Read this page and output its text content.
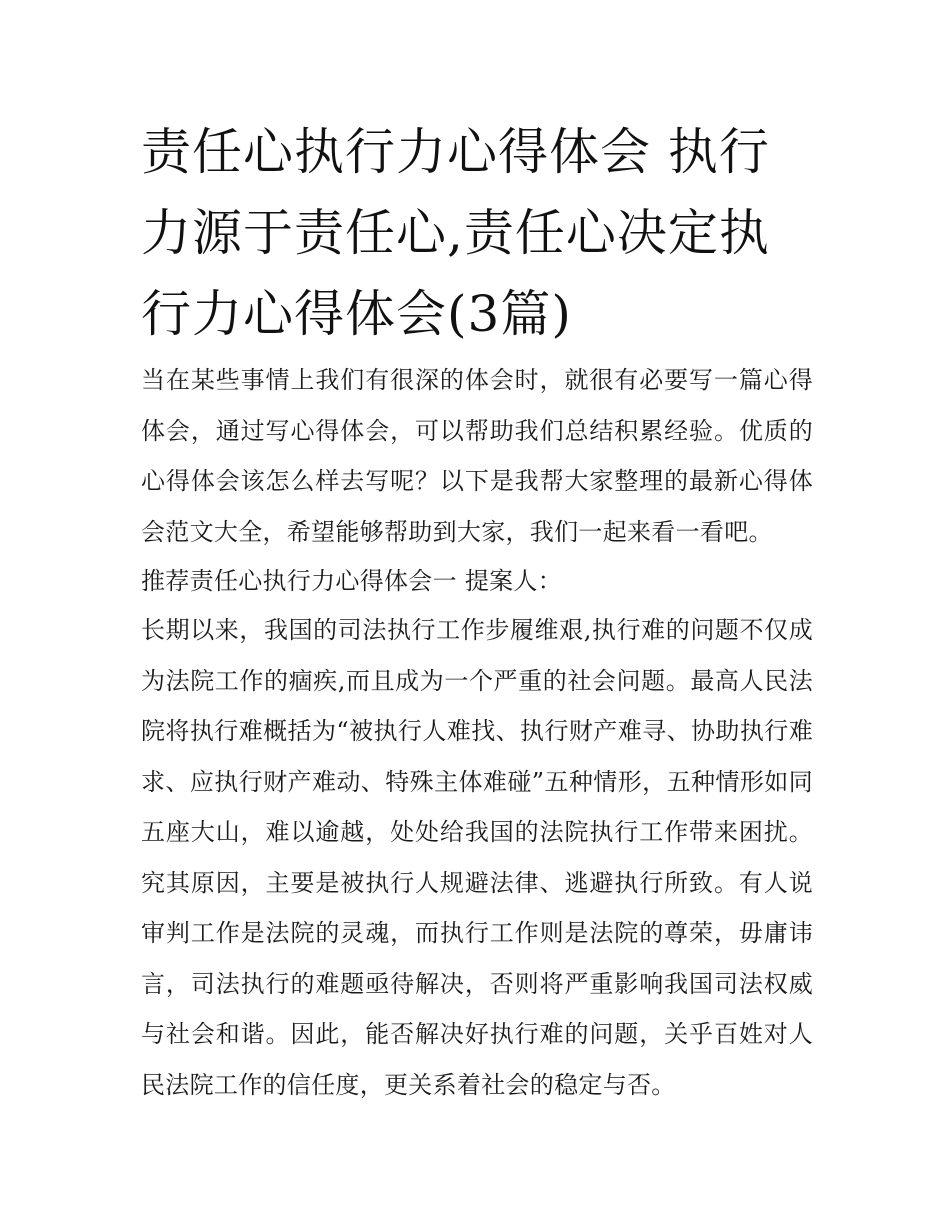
责任心执行力心得体会 执行力源于责任心,责任心决定执行力心得体会(3篇)

当在某些事情上我们有很深的体会时，就很有必要写一篇心得体会，通过写心得体会，可以帮助我们总结积累经验。优质的心得体会该怎么样去写呢？以下是我帮大家整理的最新心得体会范文大全，希望能够帮助到大家，我们一起来看一看吧。

推荐责任心执行力心得体会一 提案人：

长期以来，我国的司法执行工作步履维艰,执行难的问题不仅成为法院工作的痼疾,而且成为一个严重的社会问题。最高人民法院将执行难概括为“被执行人难找、执行财产难寻、协助执行难求、应执行财产难动、特殊主体难碰”五种情形，五种情形如同五座大山，难以逾越，处处给我国的法院执行工作带来困扰。究其原因，主要是被执行人规避法律、逃避执行所致。有人说审判工作是法院的灵魂，而执行工作则是法院的尊荣，毋庸讳言，司法执行的难题亟待解决，否则将严重影响我国司法权威与社会和谐。因此，能否解决好执行难的问题，关乎百姓对人民法院工作的信任度，更关系着社会的稳定与否。
